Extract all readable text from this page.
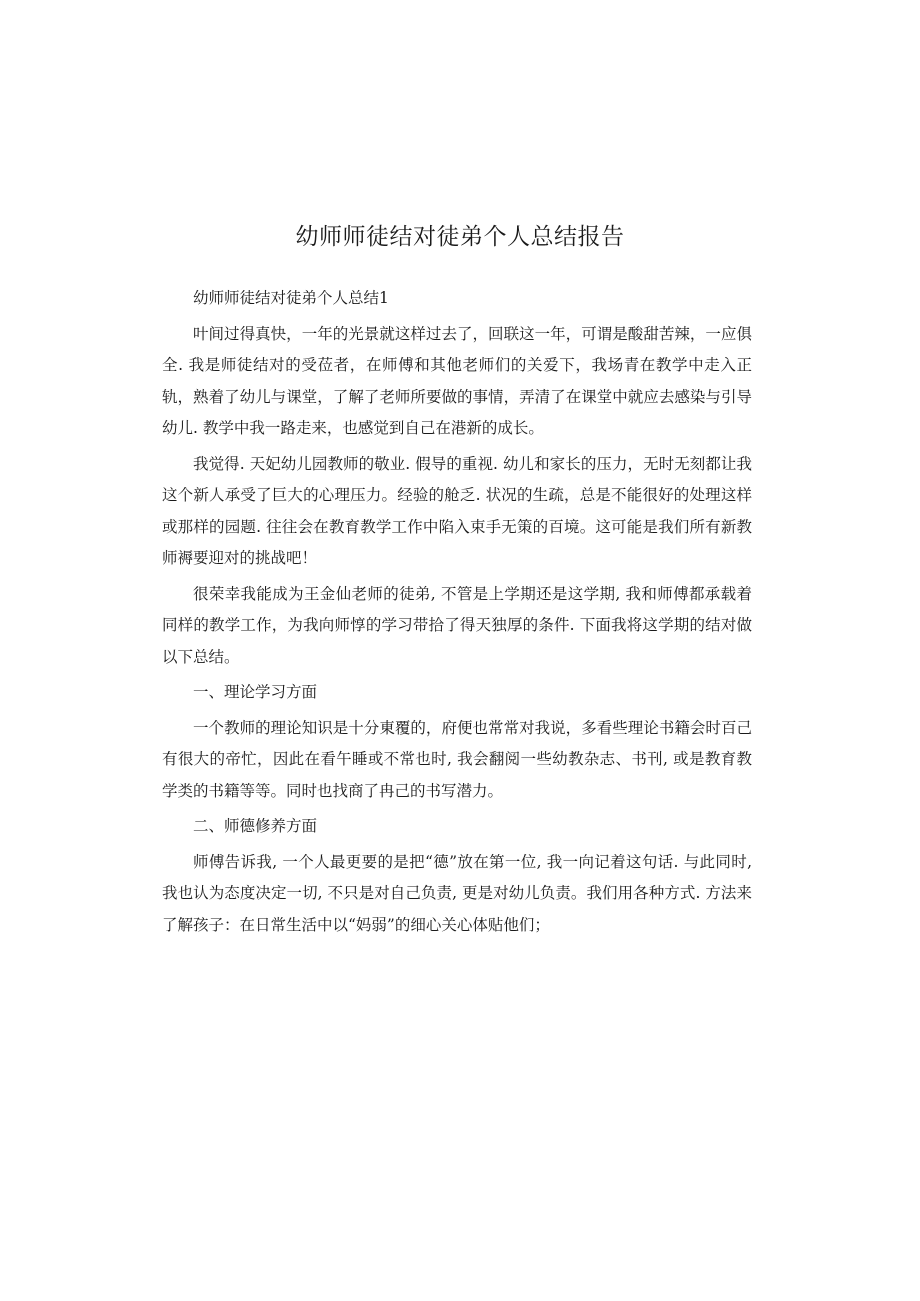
幼师师徒结对徒弟个人总结报告

幼师师徒结对徒弟个人总结1

叶间过得真快，一年的光景就这样过去了，回联这一年，可谓是酸甜苦辣，一应俱全. 我是师徒结对的受莅者，在师傅和其他老师们的关爱下，我场青在教学中走入正轨，熟着了幼儿与课堂，了解了老师所要做的事情，弄清了在课堂中就应去感染与引导幼儿. 教学中我一路走来，也感觉到自己在港新的成长。

我觉得. 天妃幼儿园教师的敬业. 假导的重视. 幼儿和家长的压力，无时无刻都让我这个新人承受了巨大的心理压力。经验的舱乏. 状况的生疏，总是不能很好的处理这样或那样的园题. 往往会在教育教学工作中陷入束手无策的百境。这可能是我们所有新教师褥要迎对的挑战吧！

很荣幸我能成为王金仙老师的徒弟, 不管是上学期还是这学期, 我和师傅都承载着同样的教学工作，为我向师惇的学习带拾了得天独厚的条件. 下面我将这学期的结对做以下总结。

一、理论学习方面

一个教师的理论知识是十分東覆的，府便也常常对我说，多看些理论书籍会时百己有很大的帝忙，因此在看午睡或不常也时, 我会翻阅一些幼教杂志、书刊, 或是教育教学类的书籍等等。同时也找商了冉己的书写潜力。

二、师德修养方面

师傅告诉我, 一个人最更要的是把“德”放在第一位, 我一向记着这句话. 与此同时, 我也认为态度决定一切, 不只是对自己负责, 更是对幼儿负责。我们用各种方式. 方法来了解孩子：在日常生活中以“妈弱”的细心关心体贴他们；
